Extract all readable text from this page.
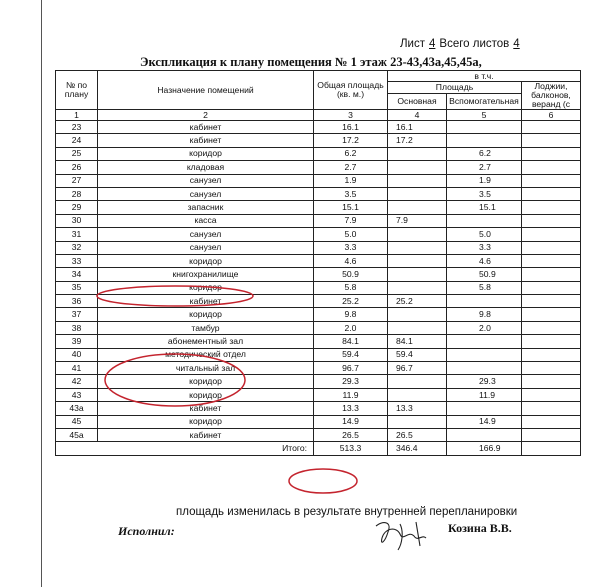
Лист 4 Всего листов 4
Экспликация к плану помещения № 1 этаж 23-43,43а,45,45а,
№ по плану	Назначение помещений	Общая площадь (кв. м.)	в т.ч.		
			Площадь		Лоджии, балконов, веранд (с
			Основная	Вспомогательная	
1	2	3	4	5	6
23	кабинет	16.1	16.1		
24	кабинет	17.2	17.2		
25	коридор	6.2		6.2	
26	кладовая	2.7		2.7	
27	санузел	1.9		1.9	
28	санузел	3.5		3.5	
29	запасник	15.1		15.1	
30	касса	7.9	7.9		
31	санузел	5.0		5.0	
32	санузел	3.3		3.3	
33	коридор	4.6		4.6	
34	книгохранилище	50.9		50.9	
35	коридор	5.8		5.8	
36	кабинет	25.2	25.2		
37	коридор	9.8		9.8	
38	тамбур	2.0		2.0	
39	абонементный зал	84.1	84.1		
40	методический отдел	59.4	59.4		
41	читальный зал	96.7	96.7		
42	коридор	29.3		29.3	
43	коридор	11.9		11.9	
43а	кабинет	13.3	13.3		
45	коридор	14.9		14.9	
45а	кабинет	26.5	26.5		
Итого:		513.3	346.4	166.9	
площадь изменилась в результате внутренней перепланировки
Исполнил:	Козина В.В.
